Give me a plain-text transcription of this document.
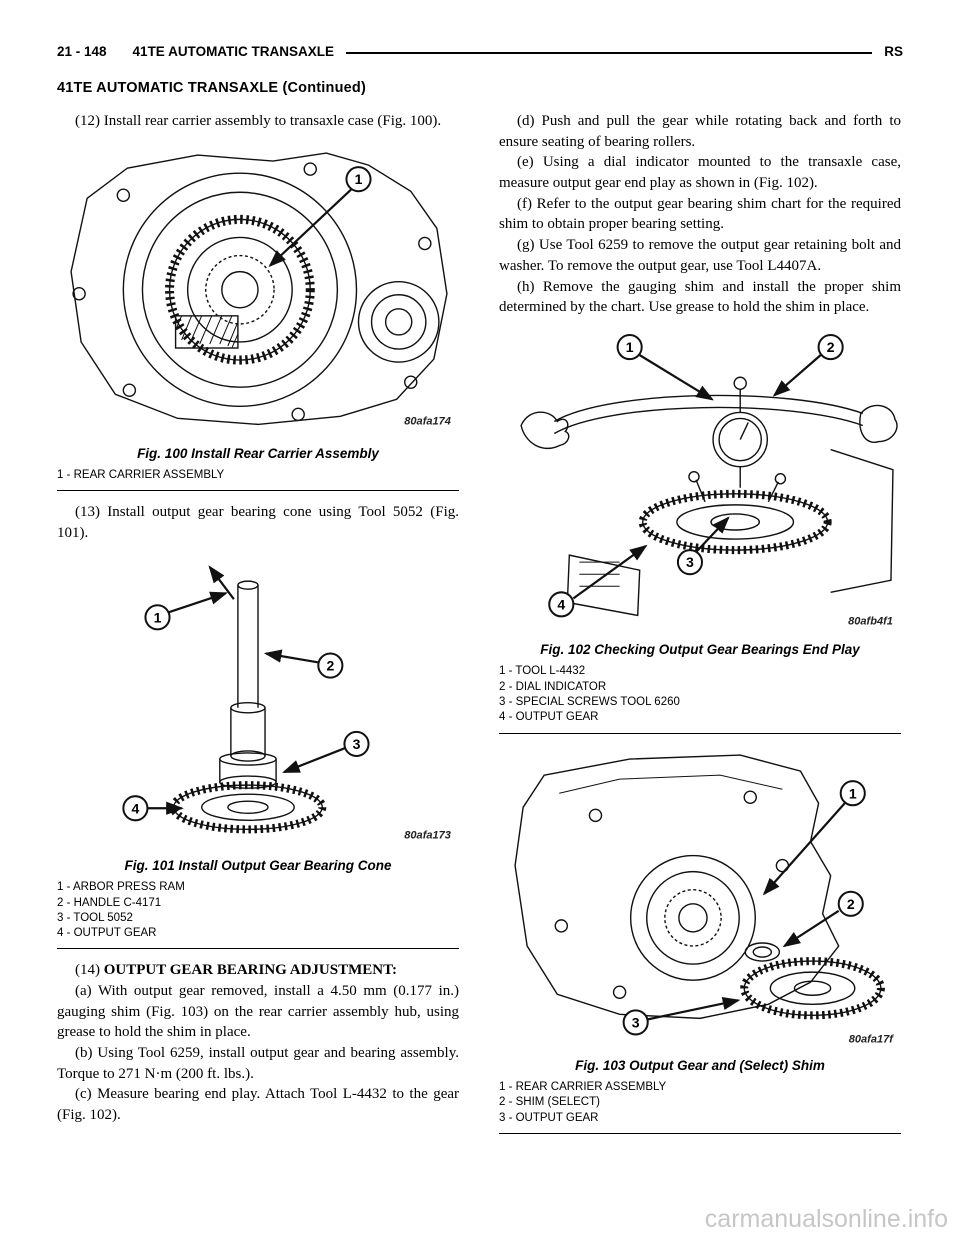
21 - 148 41TE AUTOMATIC TRANSAXLE	RS
41TE AUTOMATIC TRANSAXLE (Continued)

(12) Install rear carrier assembly to transaxle case (Fig. 100).

1
80afa174
Fig. 100 Install Rear Carrier Assembly
1 - REAR CARRIER ASSEMBLY

(13) Install output gear bearing cone using Tool 5052 (Fig. 101).

1
2
3
4
80afa173
Fig. 101 Install Output Gear Bearing Cone
1 - ARBOR PRESS RAM
2 - HANDLE C-4171
3 - TOOL 5052
4 - OUTPUT GEAR

(14) OUTPUT GEAR BEARING ADJUSTMENT:

(a) With output gear removed, install a 4.50 mm (0.177 in.) gauging shim (Fig. 103) on the rear carrier assembly hub, using grease to hold the shim in place.

(b) Using Tool 6259, install output gear and bearing assembly. Torque to 271 N·m (200 ft. lbs.).

(c) Measure bearing end play. Attach Tool L-4432 to the gear (Fig. 102).

(d) Push and pull the gear while rotating back and forth to ensure seating of bearing rollers.

(e) Using a dial indicator mounted to the transaxle case, measure output gear end play as shown in (Fig. 102).

(f) Refer to the output gear bearing shim chart for the required shim to obtain proper bearing setting.

(g) Use Tool 6259 to remove the output gear retaining bolt and washer. To remove the output gear, use Tool L4407A.

(h) Remove the gauging shim and install the proper shim determined by the chart. Use grease to hold the shim in place.

1	2
3
4
80afb4f1
Fig. 102 Checking Output Gear Bearings End Play
1 - TOOL L-4432
2 - DIAL INDICATOR
3 - SPECIAL SCREWS TOOL 6260
4 - OUTPUT GEAR
1
2
3
80afa17f
Fig. 103 Output Gear and (Select) Shim
1 - REAR CARRIER ASSEMBLY
2 - SHIM (SELECT)
3 - OUTPUT GEAR
carmanualsonline.info
